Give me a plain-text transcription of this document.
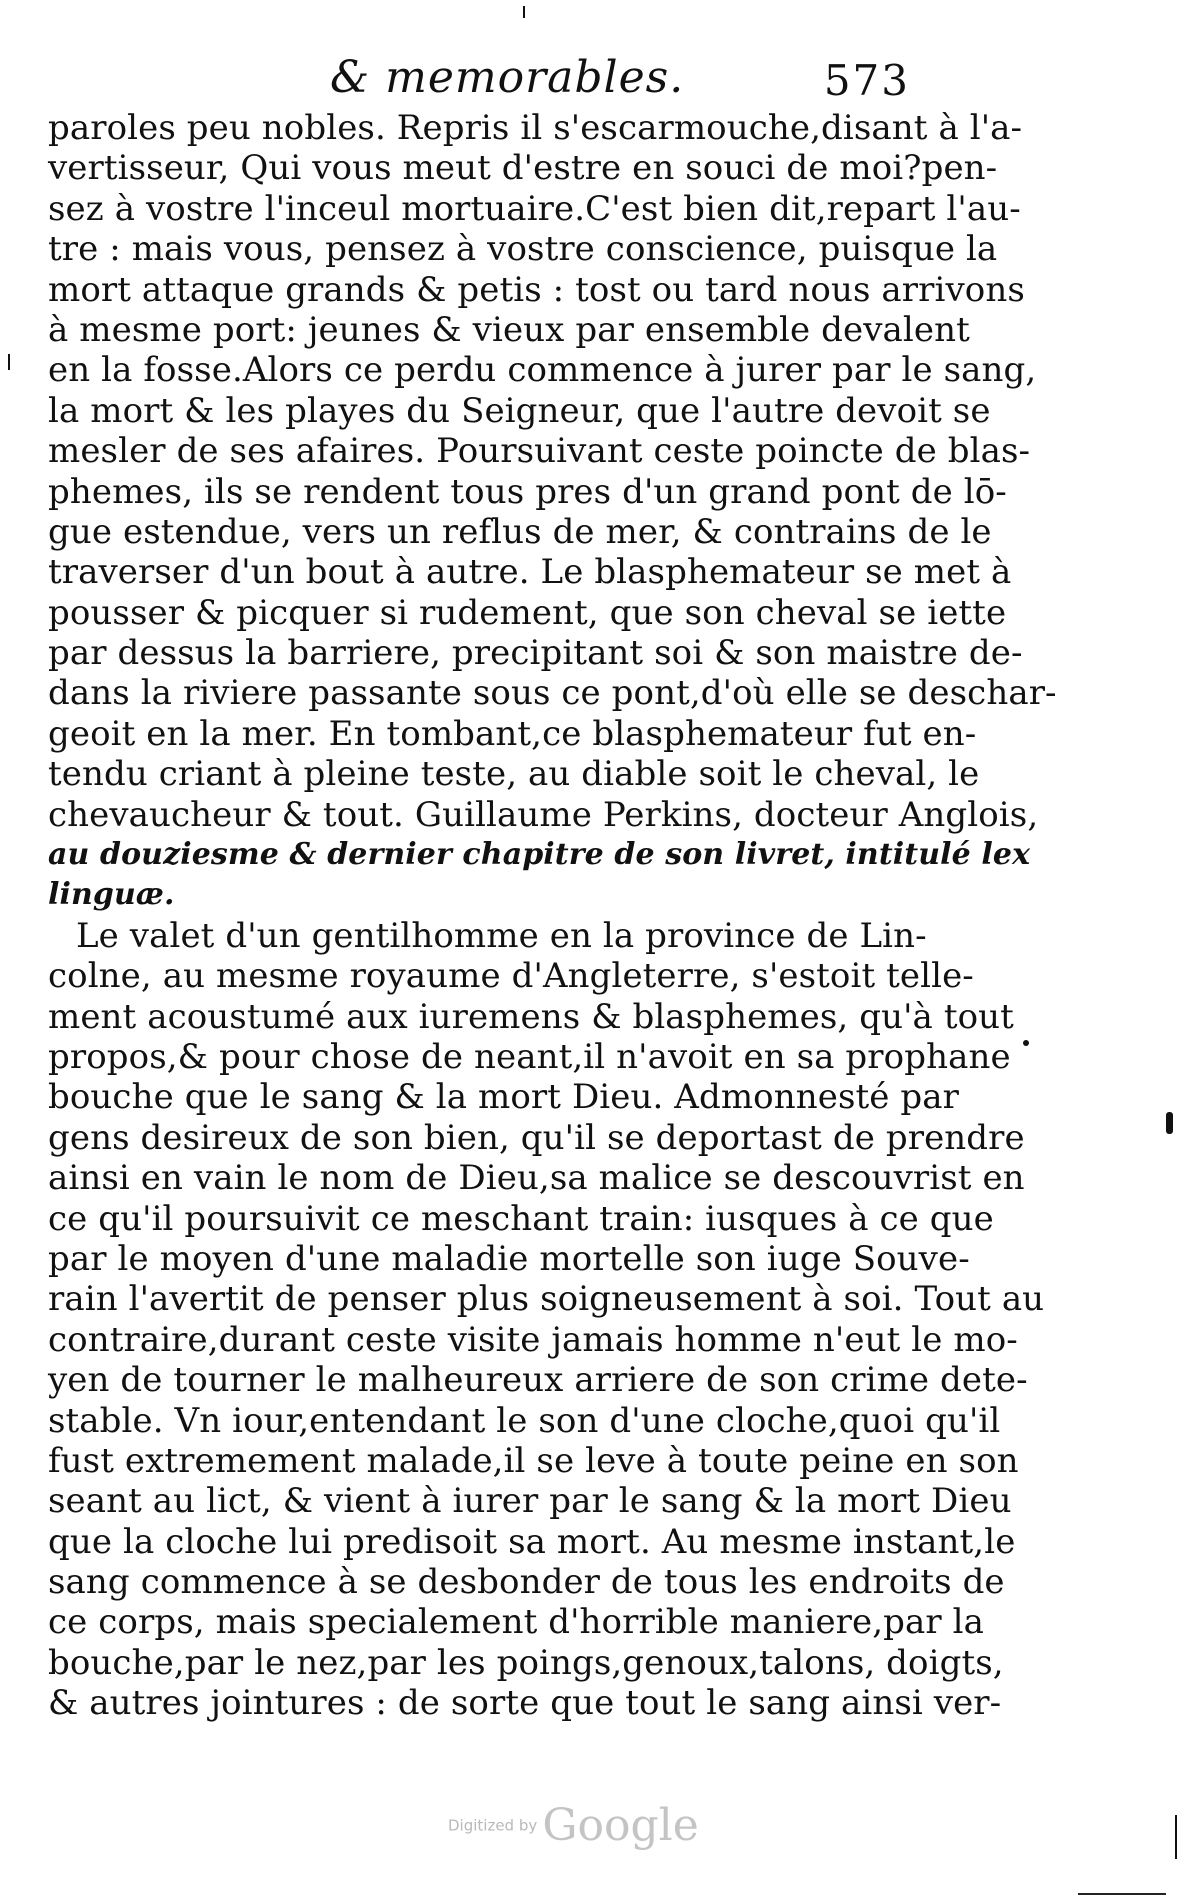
& memorables.	573
paroles peu nobles. Repris il s'escarmouche,disant à l'a-
vertisseur, Qui vous meut d'estre en souci de moi?pen-
sez à vostre l'inceul mortuaire.C'est bien dit,repart l'au-
tre : mais vous, pensez à vostre conscience, puisque la
mort attaque grands & petis : tost ou tard nous arrivons
à mesme port: jeunes & vieux par ensemble devalent
en la fosse.Alors ce perdu commence à jurer par le sang,
la mort & les playes du Seigneur, que l'autre devoit se
mesler de ses afaires. Poursuivant ceste poincte de blas-
phemes, ils se rendent tous pres d'un grand pont de lō-
gue estendue, vers un reflus de mer, & contrains de le
traverser d'un bout à autre. Le blasphemateur se met à
pousser & picquer si rudement, que son cheval se iette
par dessus la barriere, precipitant soi & son maistre de-
dans la riviere passante sous ce pont,d'où elle se deschar-
geoit en la mer. En tombant,ce blasphemateur fut en-
tendu criant à pleine teste, au diable soit le cheval, le
chevaucheur & tout. Guillaume Perkins, docteur Anglois,
au douziesme & dernier chapitre de son livret, intitulé lex
linguæ.
Le valet d'un gentilhomme en la province de Lin-
colne, au mesme royaume d'Angleterre, s'estoit telle-
ment acoustumé aux iuremens & blasphemes, qu'à tout
propos,& pour chose de neant,il n'avoit en sa prophane
bouche que le sang & la mort Dieu. Admonnesté par
gens desireux de son bien, qu'il se deportast de prendre
ainsi en vain le nom de Dieu,sa malice se descouvrist en
ce qu'il poursuivit ce meschant train: iusques à ce que
par le moyen d'une maladie mortelle son iuge Souve-
rain l'avertit de penser plus soigneusement à soi. Tout au
contraire,durant ceste visite jamais homme n'eut le mo-
yen de tourner le malheureux arriere de son crime dete-
stable. Vn iour,entendant le son d'une cloche,quoi qu'il
fust extremement malade,il se leve à toute peine en son
seant au lict, & vient à iurer par le sang & la mort Dieu
que la cloche lui predisoit sa mort. Au mesme instant,le
sang commence à se desbonder de tous les endroits de
ce corps, mais specialement d'horrible maniere,par la
bouche,par le nez,par les poings,genoux,talons, doigts,
& autres jointures : de sorte que tout le sang ainsi ver-
Digitized by Google
